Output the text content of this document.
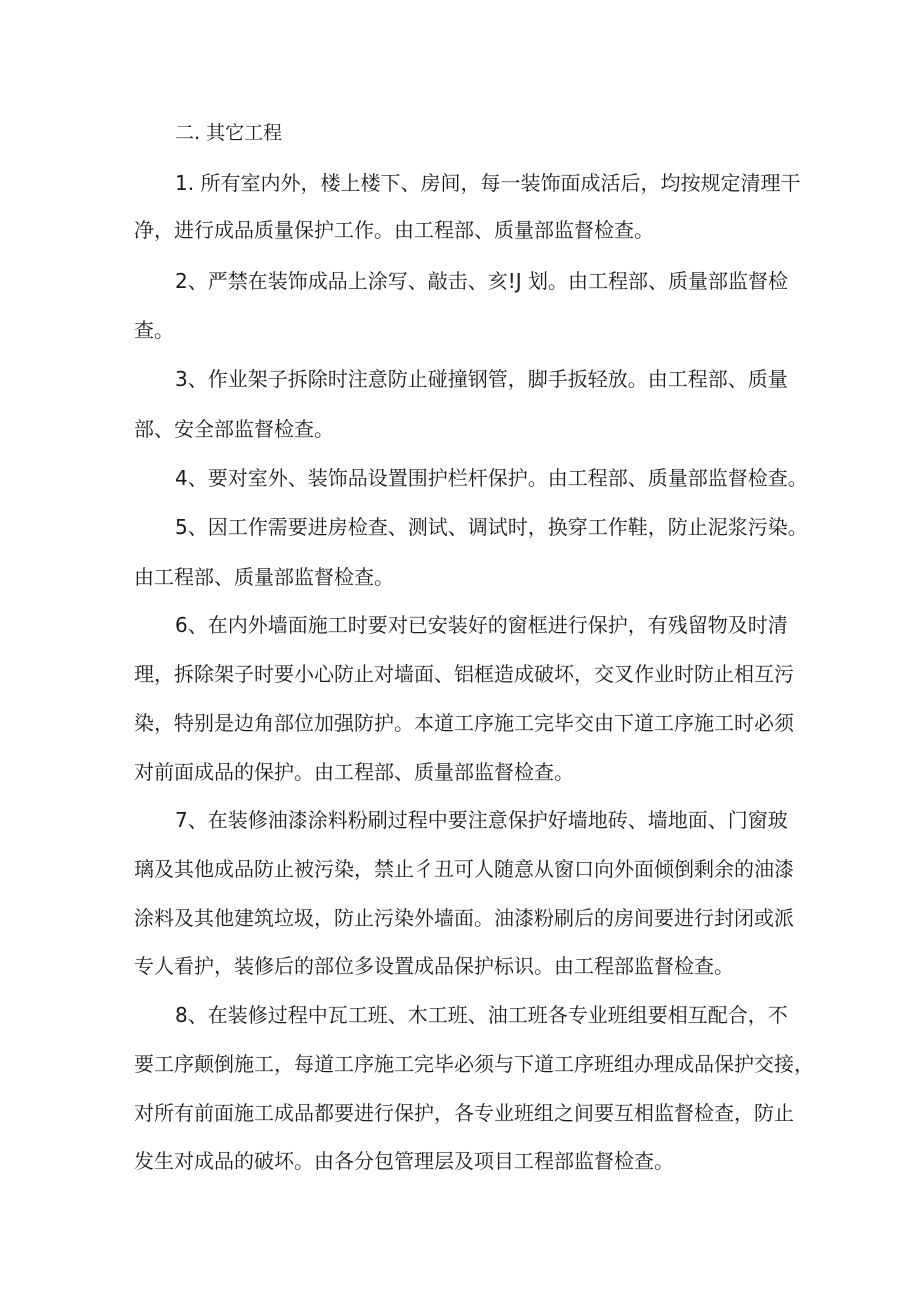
二. 其它工程
1. 所有室内外，楼上楼下、房间，每一装饰面成活后，均按规定清理干
净，进行成品质量保护工作。由工程部、质量部监督检查。
2、严禁在装饰成品上涂写、敲击、亥!J 划。由工程部、质量部监督检
查。
3、作业架子拆除时注意防止碰撞钢管，脚手扳轻放。由工程部、质量
部、安全部监督检查。
4、要对室外、装饰品设置围护栏杆保护。由工程部、质量部监督检查。
5、因工作需要进房检查、测试、调试时，换穿工作鞋，防止泥浆污染。
由工程部、质量部监督检查。
6、在内外墙面施工时要对已安装好的窗框进行保护，有残留物及时清
理，拆除架子时要小心防止对墙面、铝框造成破坏，交叉作业时防止相互污
染，特别是边角部位加强防护。本道工序施工完毕交由下道工序施工时必须
对前面成品的保护。由工程部、质量部监督检查。
7、在装修油漆涂料粉刷过程中要注意保护好墙地砖、墙地面、门窗玻
璃及其他成品防止被污染，禁止彳丑可人随意从窗口向外面倾倒剩余的油漆
涂料及其他建筑垃圾，防止污染外墙面。油漆粉刷后的房间要进行封闭或派
专人看护，装修后的部位多设置成品保护标识。由工程部监督检查。
8、在装修过程中瓦工班、木工班、油工班各专业班组要相互配合，不
要工序颠倒施工，每道工序施工完毕必须与下道工序班组办理成品保护交接，
对所有前面施工成品都要进行保护，各专业班组之间要互相监督检查，防止
发生对成品的破坏。由各分包管理层及项目工程部监督检查。
